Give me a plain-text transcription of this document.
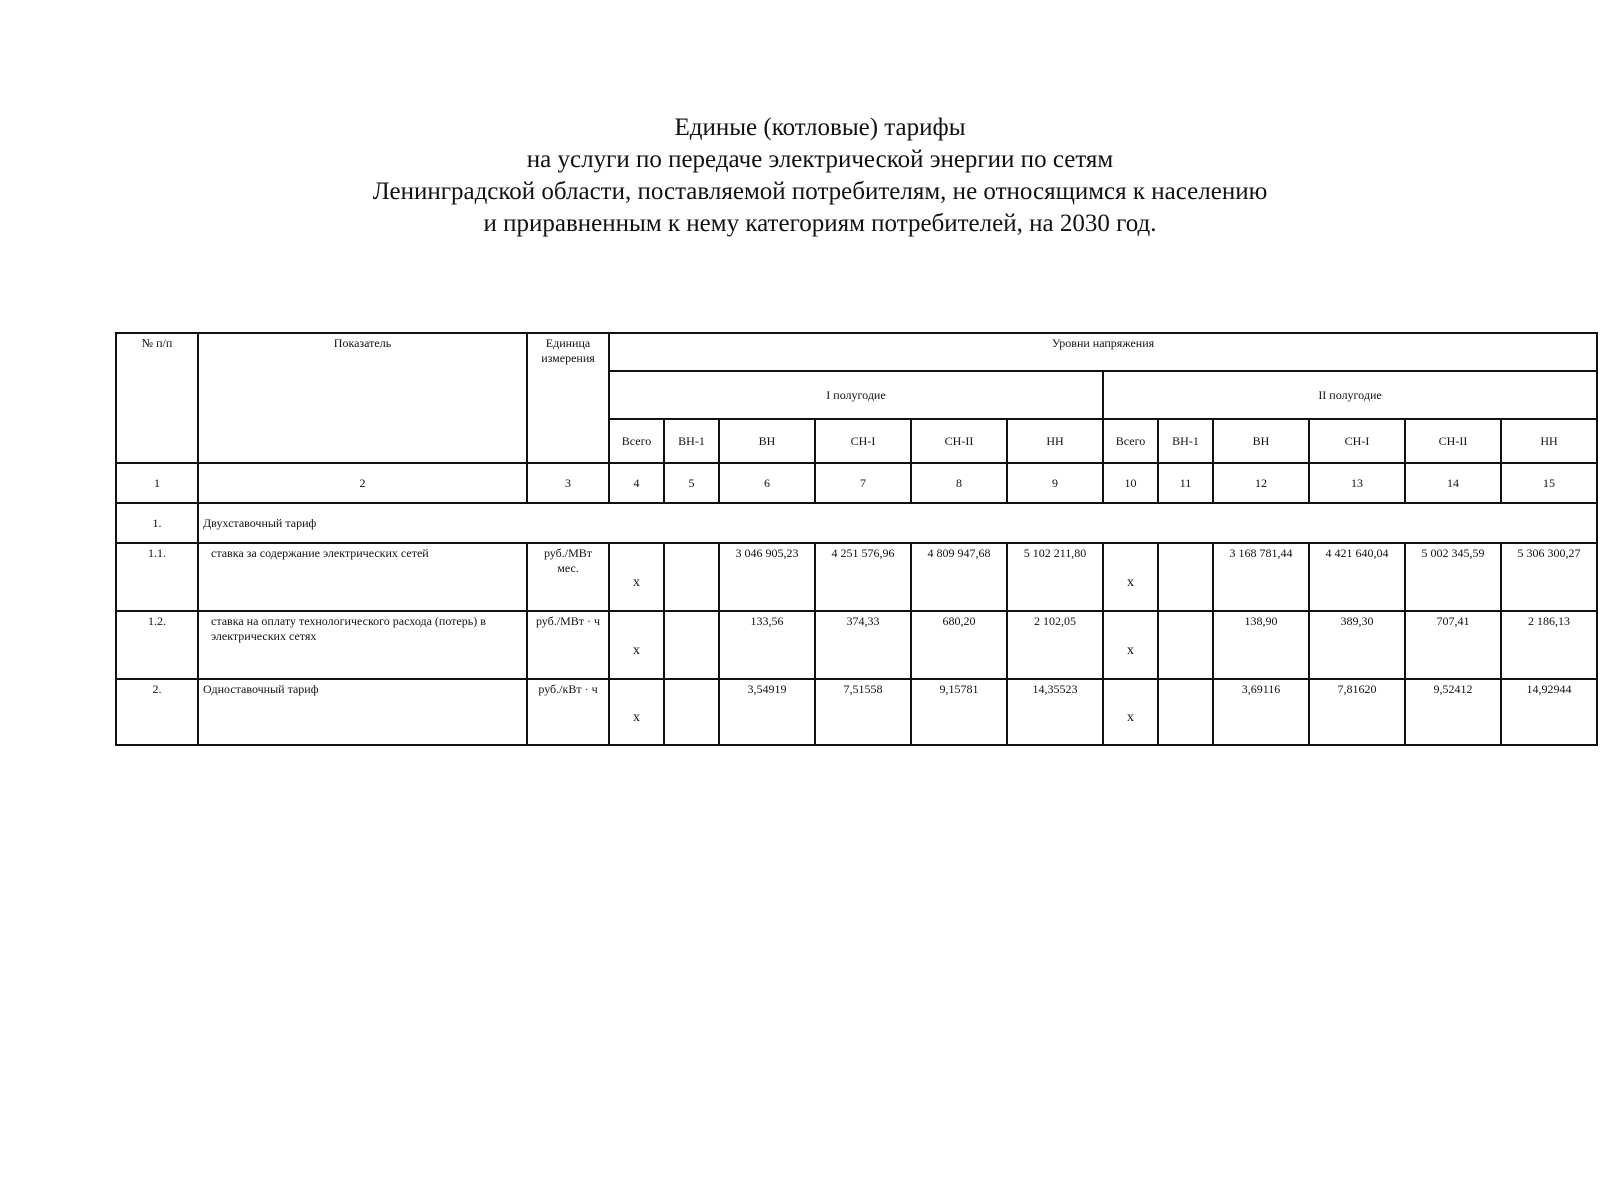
Единые (котловые) тарифы
на услуги по передаче электрической энергии по сетям
Ленинградской области, поставляемой потребителям, не относящимся к населению
и приравненным к нему категориям потребителей, на 2030 год.
№ п/п	Показатель	Единица измерения	Уровни напряжения											
			I полугодие						II полугодие					
			Всего	ВН-1	ВН	СН-I	СН-II	НН	Всего	ВН-1	ВН	СН-I	СН-II	НН
1	2	3	4	5	6	7	8	9	10	11	12	13	14	15
1.	Двухставочный тариф													
1.1.	ставка за содержание электрических сетей	руб./МВт мес.	x		3 046 905,23	4 251 576,96	4 809 947,68	5 102 211,80	x		3 168 781,44	4 421 640,04	5 002 345,59	5 306 300,27
1.2.	ставка на оплату технологического расхода (потерь) в электрических сетях	руб./МВт · ч	x		133,56	374,33	680,20	2 102,05	x		138,90	389,30	707,41	2 186,13
2.	Одноставочный тариф	руб./кВт · ч	x		3,54919	7,51558	9,15781	14,35523	x		3,69116	7,81620	9,52412	14,92944
